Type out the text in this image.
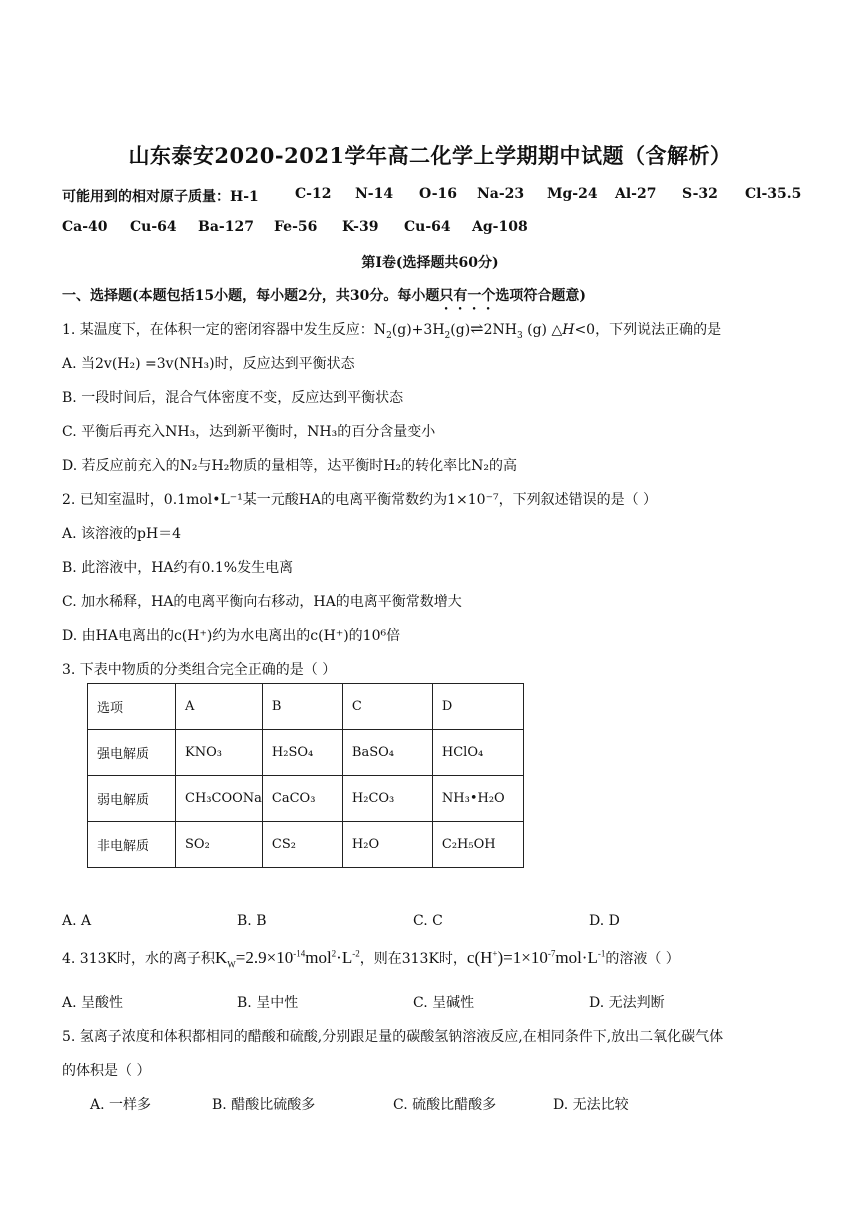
山东泰安2020-2021学年高二化学上学期期中试题（含解析）
可能用到的相对原子质量：H-1	C-12 N-14 O-16 Na-23 Mg-24 Al-27 S-32 Cl-35.5
Ca-40 Cu-64 Ba-127 Fe-56 K-39 Cu-64 Ag-108
第Ⅰ卷(选择题共60分)
一、选择题(本题包括15小题，每小题2分，共30分。每小题只有一个选项符合题意)
1. 某温度下，在体积一定的密闭容器中发生反应：$N_2(g)+3H_2(g)\rightleftharpoons 2NH_3$ (g) △H<0，下列说法正确的是
A. 当2v(H₂) =3v(NH₃)时，反应达到平衡状态
B. 一段时间后，混合气体密度不变，反应达到平衡状态
C. 平衡后再充入NH₃，达到新平衡时，NH₃的百分含量变小
D. 若反应前充入的N₂与H₂物质的量相等，达平衡时H₂的转化率比N₂的高
2. 已知室温时，0.1mol•L⁻¹某一元酸HA的电离平衡常数约为1×10⁻⁷，下列叙述错误的是（ ）
A. 该溶液的pH＝4
B. 此溶液中，HA约有0.1%发生电离
C. 加水稀释，HA的电离平衡向右移动，HA的电离平衡常数增大
D. 由HA电离出的c(H⁺)约为水电离出的c(H⁺)的10⁶倍
3. 下表中物质的分类组合完全正确的是（ ）
选项	A	B	C	D
强电解质	KNO₃	H₂SO₄	BaSO₄	HClO₄
弱电解质	CH₃COONa	CaCO₃	H₂CO₃	NH₃•H₂O
非电解质	SO₂	CS₂	H₂O	C₂H₅OH
A. A	B. B	C. C	D. D
4. 313K时，水的离子积$K_W=2.9\times 10^{-14}mol^2\cdot L^{-2}$，则在313K时，$c(H^+)=1\times 10^{-7}mol\cdot L^{-1}$的溶液（ ）
A. 呈酸性	B. 呈中性	C. 呈碱性	D. 无法判断
5. 氢离子浓度和体积都相同的醋酸和硫酸,分别跟足量的碳酸氢钠溶液反应,在相同条件下,放出二氧化碳气体
的体积是（ ）
A. 一样多	B. 醋酸比硫酸多	C. 硫酸比醋酸多	D. 无法比较
